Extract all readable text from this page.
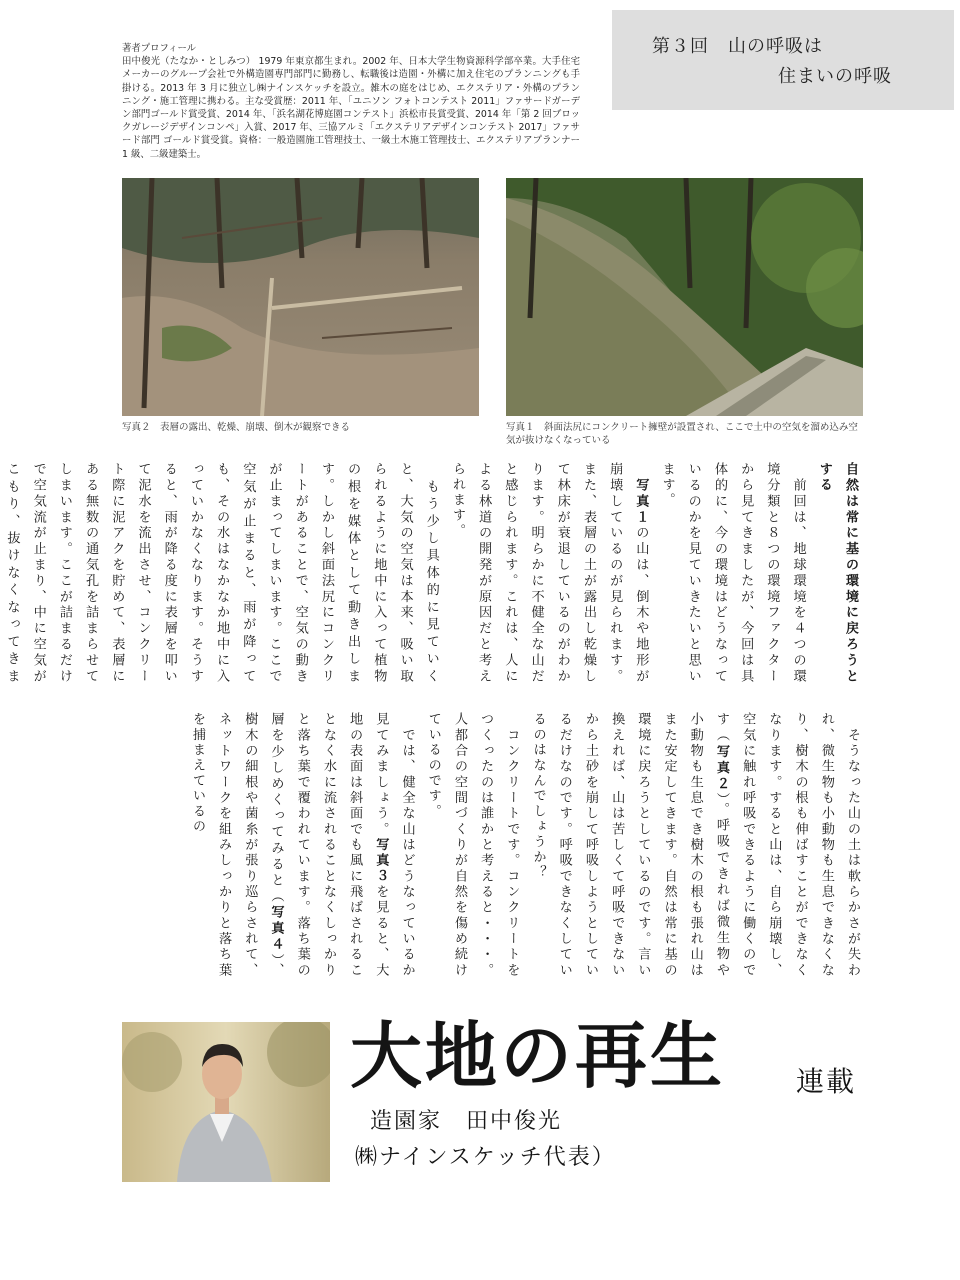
著者プロフィール
田中俊光（たなか・としみつ） 1979 年東京都生まれ。2002 年、日本大学生物資源科学部卒業。大手住宅メーカーのグループ会社で外構造園専門部門に勤務し、転職後は造園・外構に加え住宅のプランニングも手掛ける。2013 年 3 月に独立し㈱ナインスケッチを設立。雑木の庭をはじめ、エクステリア・外構のプランニング・施工管理に携わる。主な受賞歴：2011 年、「ユニソン フォトコンテスト 2011」ファサードガーデン部門ゴールド賞受賞、2014 年、「浜名湖花博庭園コンテスト」浜松市長賞受賞、2014 年「第 2 回ブロックガレージデザインコンペ」入賞、2017 年、三協アルミ「エクステリアデザインコンテスト 2017」ファサード部門 ゴールド賞受賞。資格：一般造園施工管理技士、一級土木施工管理技士、エクステリアプランナー 1 級、二級建築士。
第３回　山の呼吸は
住まいの呼吸
写真２　表層の露出、乾燥、崩壊、倒木が観察できる	写真１　斜面法尻にコンクリート擁壁が設置され、ここで土中の空気を溜め込み空気が抜けなくなっている

自然は常に基の環境に戻ろうとする

　前回は、地球環境を４つの環境分類と８つの環境ファクターから見てきましたが、今回は具体的に、今の環境はどうなっているのかを見ていきたいと思います。

　写真１の山は、倒木や地形が崩壊しているのが見られます。また、表層の土が露出し乾燥して林床が衰退しているのがわかります。明らかに不健全な山だと感じられます。これは、人による林道の開発が原因だと考えられます。

　もう少し具体的に見ていくと、大気の空気は本来、吸い取られるように地中に入って植物の根を媒体として動き出します。しかし斜面法尻にコンクリートがあることで、空気の動きが止まってしまいます。ここで空気が止まると、雨が降っても、その水はなかなか地中に入っていかなくなります。そうすると、雨が降る度に表層を叩いて泥水を流出させ、コンクリート際に泥アクを貯めて、表層にある無数の通気孔を詰まらせてしまいます。ここが詰まるだけで空気流が止まり、中に空気がこもり、抜けなくなってきま

　そうなった山の土は軟らかさが失われ、微生物も小動物も生息できなくなり、樹木の根も伸ばすことができなくなります。すると山は、自ら崩壊し、空気に触れ呼吸できるように働くのです（写真２）。呼吸できれば微生物や小動物も生息でき樹木の根も張れ山はまた安定してきます。自然は常に基の環境に戻ろうとしているのです。言い換えれば、山は苦しくて呼吸できないから土砂を崩して呼吸しようとしているだけなのです。呼吸できなくしているのはなんでしょうか？

　コンクリートです。コンクリートをつくったのは誰かと考えると・・・。人都合の空間づくりが自然を傷め続けているのです。

　では、健全な山はどうなっているか見てみましょう。写真３を見ると、大地の表面は斜面でも風に飛ばされることなく水に流されることなくしっかりと落ち葉で覆われています。落ち葉の層を少しめくってみると（写真４）、樹木の細根や菌糸が張り巡らされて、ネットワークを組みしっかりと落ち葉を捕まえているの

大地の再生	連載
造園家　田中俊光
㈱ナインスケッチ代表）
